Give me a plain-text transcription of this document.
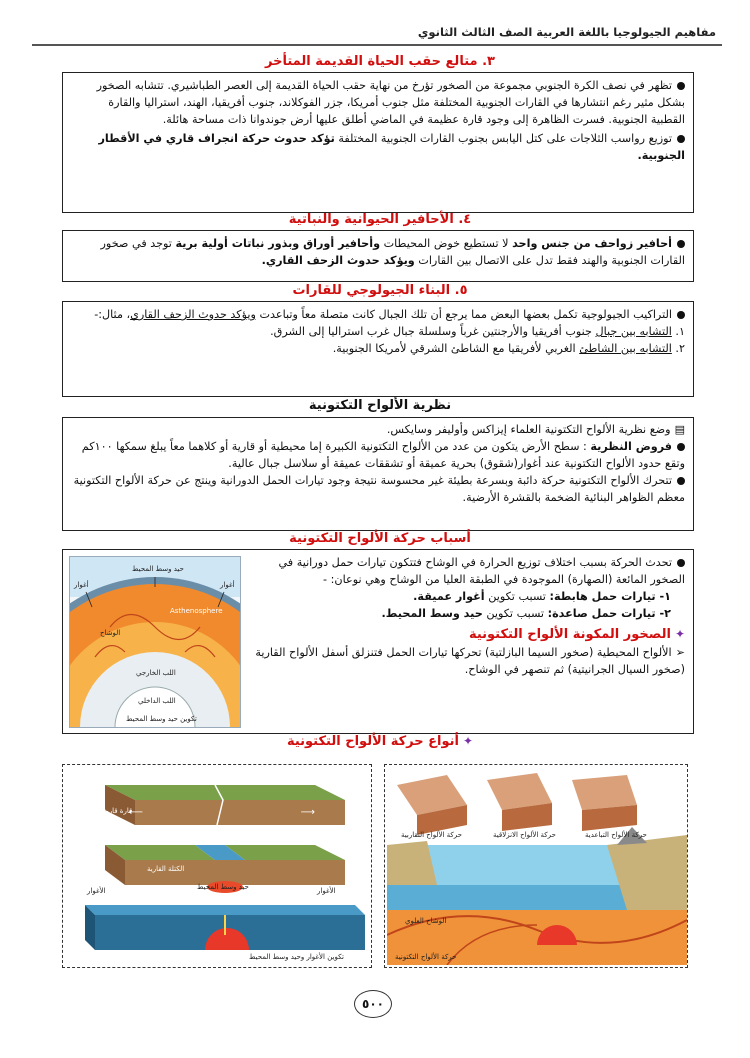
مفاهيم الجيولوجيا باللغة العربية الصف الثالث الثانوي
٣. متالع حقب الحياة القديمة المتأخر

تظهر في نصف الكرة الجنوبي مجموعة من الصخور تؤرخ من نهاية حقب الحياة القديمة إلى العصر الطباشيري. تتشابه الصخور بشكل مثير رغم انتشارها في القارات الجنوبية المختلفة مثل جنوب أمريكا، جزر الفوكلاند، جنوب أفريقيا، الهند، استراليا والقارة القطبية الجنوبية. فسرت الظاهرة إلى وجود قارة عظيمة في الماضي أطلق عليها أرض جوندوانا ذات مساحة هائلة.

توزيع رواسب الثلاجات على كتل اليابس بجنوب القارات الجنوبية المختلفة تؤكد حدوث حركة انجراف قاري في الأقطار الجنوبية.

٤. الأحافير الحيوانية والنباتية

أحافير زواحف من جنس واحد لا تستطيع خوض المحيطات وأحافير أوراق وبذور نباتات أولية برية توجد في صخور القارات الجنوبية والهند فقط تدل على الاتصال بين القارات ويؤكد حدوث الزحف القاري.

٥. البناء الجيولوجي للقارات

التراكيب الجيولوجية تكمل بعضها البعض مما يرجع أن تلك الجبال كانت متصلة معاً وتباعدت ويؤكد حدوث الزحف القاري، مثال:-

١. التشابه بين جبال جنوب أفريقيا والأرجنتين غرباً وسلسلة جبال غرب استراليا إلى الشرق.

٢. التشابه بين الشاطئ الغربي لأفريقيا مع الشاطئ الشرقي لأمريكا الجنوبية.

نظرية الألواح التكتونية

▤وضع نظرية الألواح التكتونية العلماء إيزاكس وأوليفر وسايكس.

فروض النظرية : سطح الأرض يتكون من عدد من الألواح التكتونية الكبيرة إما محيطية أو قارية أو كلاهما معاً يبلغ سمكها ١٠٠كم وتقع حدود الألواح التكتونية عند أغوار(شقوق) بحرية عميقة أو تشققات عميقة أو سلاسل جبال عالية.

تتحرك الألواح التكتونية حركة دائبة وبسرعة بطيئة غير محسوسة نتيجة وجود تيارات الحمل الدورانية وينتج عن حركة الألواح التكتونية معظم الظواهر البنائية الضخمة بالقشرة الأرضية.

أسباب حركة الألواح التكتونية

تحدث الحركة بسبب اختلاف توزيع الحرارة في الوشاح فتتكون تيارات حمل دورانية في الصخور المائعة (الصهارة) الموجودة في الطبقة العليا من الوشاح وهي نوعان: -

١- تيارات حمل هابطة: تسبب تكوين أغوار عميقة.

٢- تيارات حمل صاعدة: تسبب تكوين حيد وسط المحيط.

✦الصخور المكونة الألواح التكتونية

➢الألواح المحيطية (صخور السيما البازلتية) تحركها تيارات الحمل فتنزلق أسفل الألواح القارية (صخور السيال الجرانيتية) ثم تنصهر في الوشاح.

حيد وسط المحيط
أغوار
أغوار
Asthenosphere
الوشاح
اللب الخارجي
اللب الداخلي
تكوين حيد وسط المحيط
✦أنواع حركة الألواح التكتونية
⟵	⟶
قارة قارية
الكتلة القارية
الأغوار	حيد وسط المحيط	الأغوار
تكوين الأغوار وحيد وسط المحيط
حركة الألواح التقاربية	حركة الألواح الانزلاقية	حركة الألواح التباعدية
الوشاح العلوي
حركة الألواح التكتونية
٥٠٠
